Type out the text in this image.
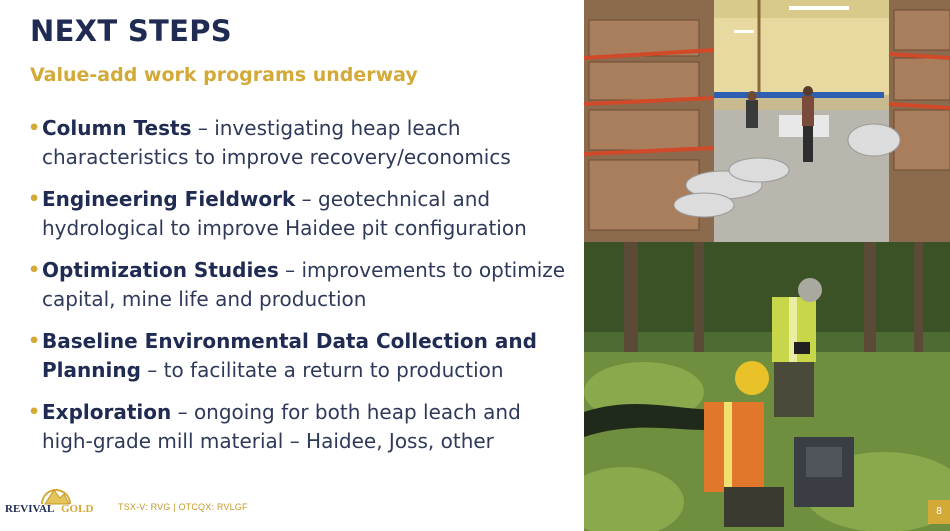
NEXT STEPS
Value-add work programs underway
• Column Tests – investigating heap leach
characteristics to improve recovery/economics
• Engineering Fieldwork – geotechnical and
hydrological to improve Haidee pit configuration
• Optimization Studies – improvements to optimize
capital, mine life and production
• Baseline Environmental Data Collection and
Planning – to facilitate a return to production
• Exploration – ongoing for both heap leach and
high-grade mill material – Haidee, Joss, other
REVIVAL GOLD	TSX-V: RVG | OTCQX: RVLGF	8
